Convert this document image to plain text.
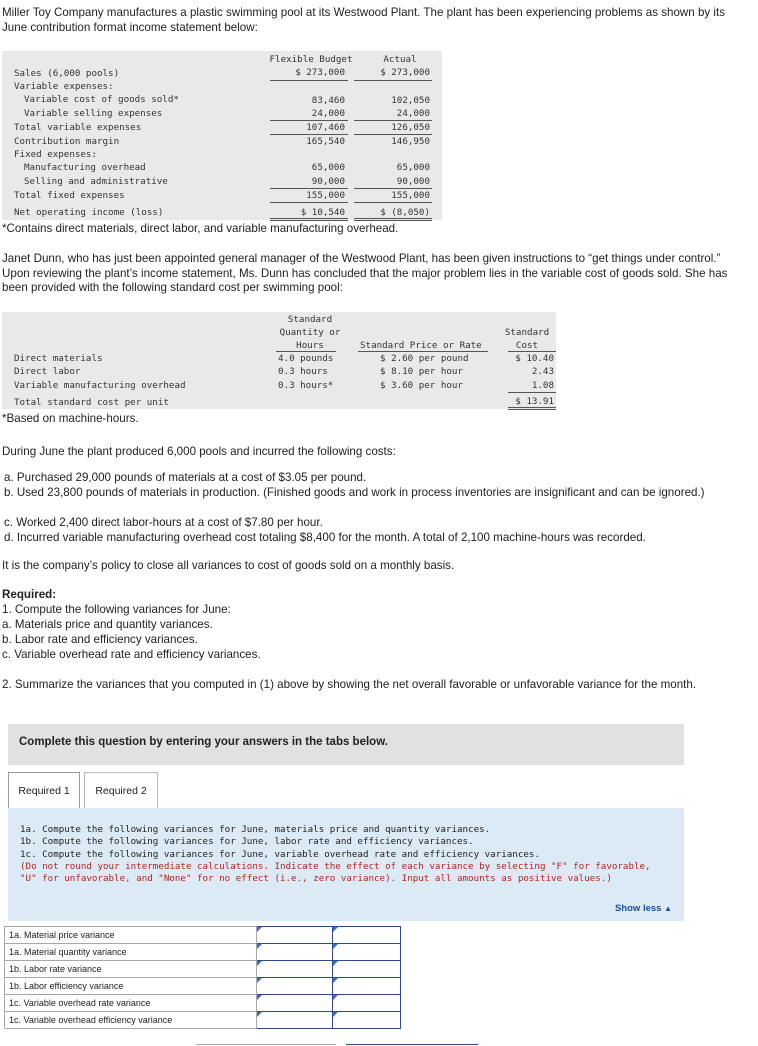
Miller Toy Company manufactures a plastic swimming pool at its Westwood Plant. The plant has been experiencing problems as shown by its June contribution format income statement below:
Flexible Budget	Actual
Sales (6,000 pools)	$ 273,000	$ 273,000
Variable expenses:
Variable cost of goods sold*	83,460	102,050
Variable selling expenses	24,000	24,000
Total variable expenses	107,460	126,050
Contribution margin	165,540	146,950
Fixed expenses:
Manufacturing overhead	65,000	65,000
Selling and administrative	90,000	90,000
Total fixed expenses	155,000	155,000
Net operating income (loss)	$ 10,540	$ (8,050)
*Contains direct materials, direct labor, and variable manufacturing overhead.
Janet Dunn, who has just been appointed general manager of the Westwood Plant, has been given instructions to “get things under control.” Upon reviewing the plant’s income statement, Ms. Dunn has concluded that the major problem lies in the variable cost of goods sold. She has been provided with the following standard cost per swimming pool:
Standard
Quantity or
Hours	Standard Price or Rate
Standard
Cost
Direct materials	4.0 pounds	$ 2.60 per pound	$ 10.40
Direct labor	0.3 hours	$ 8.10 per hour	2.43
Variable manufacturing overhead	0.3 hours*	$ 3.60 per hour	1.08
Total standard cost per unit	$ 13.91
*Based on machine-hours.
During June the plant produced 6,000 pools and incurred the following costs:
a. Purchased 29,000 pounds of materials at a cost of $3.05 per pound.
b. Used 23,800 pounds of materials in production. (Finished goods and work in process inventories are insignificant and can be ignored.)
c. Worked 2,400 direct labor-hours at a cost of $7.80 per hour.
d. Incurred variable manufacturing overhead cost totaling $8,400 for the month. A total of 2,100 machine-hours was recorded.
It is the company’s policy to close all variances to cost of goods sold on a monthly basis.
Required:
1. Compute the following variances for June:
a. Materials price and quantity variances.
b. Labor rate and efficiency variances.
c. Variable overhead rate and efficiency variances.
2. Summarize the variances that you computed in (1) above by showing the net overall favorable or unfavorable variance for the month.
Complete this question by entering your answers in the tabs below.
Required 1	Required 2
1a. Compute the following variances for June, materials price and quantity variances.
1b. Compute the following variances for June, labor rate and efficiency variances.
1c. Compute the following variances for June, variable overhead rate and efficiency variances.
(Do not round your intermediate calculations. Indicate the effect of each variance by selecting "F" for favorable, "U" for unfavorable, and "None" for no effect (i.e., zero variance). Input all amounts as positive values.)
Show less ▲
1a. Material price variance		
1a. Material quantity variance		
1b. Labor rate variance		
1b. Labor efficiency variance		
1c. Variable overhead rate variance		
1c. Variable overhead efficiency variance		
